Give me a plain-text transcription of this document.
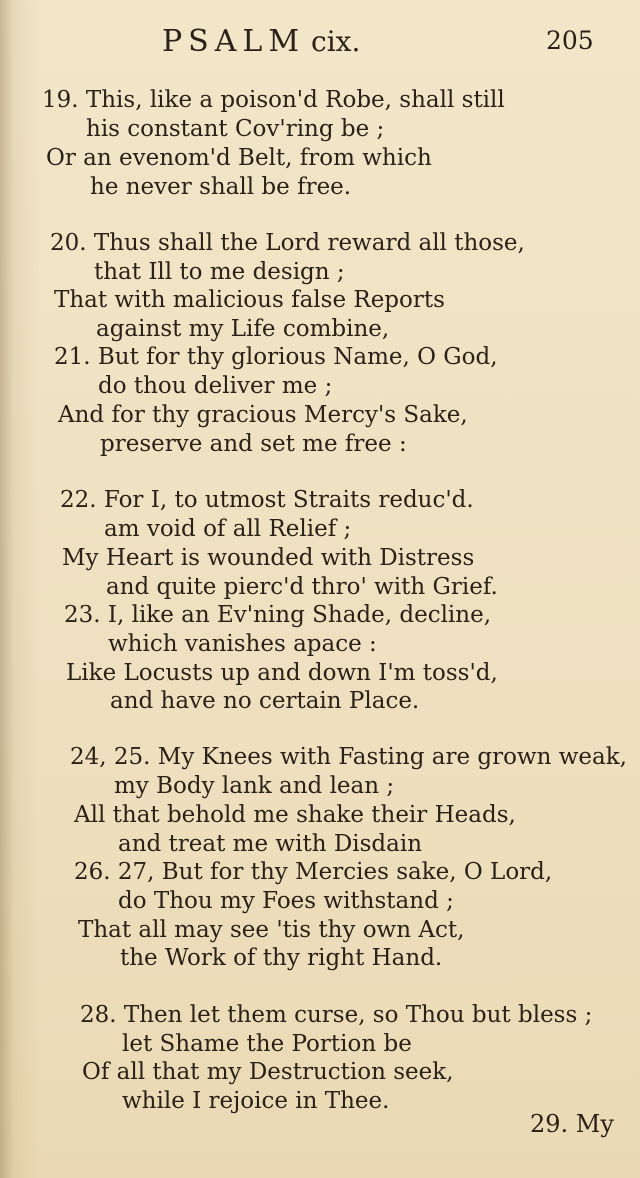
PSALM cix.	205
19. This, like a poison'd Robe, shall still
his constant Cov'ring be ;
Or an evenom'd Belt, from which
he never shall be free.
20. Thus shall the Lord reward all those,
that Ill to me design ;
That with malicious false Reports
against my Life combine,
21. But for thy glorious Name, O God,
do thou deliver me ;
And for thy gracious Mercy's Sake,
preserve and set me free :
22. For I, to utmost Straits reduc'd.
am void of all Relief ;
My Heart is wounded with Distress
and quite pierc'd thro' with Grief.
23. I, like an Ev'ning Shade, decline,
which vanishes apace :
Like Locusts up and down I'm toss'd,
and have no certain Place.
24, 25. My Knees with Fasting are grown weak,
my Body lank and lean ;
All that behold me shake their Heads,
and treat me with Disdain
26. 27, But for thy Mercies sake, O Lord,
do Thou my Foes withstand ;
That all may see 'tis thy own Act,
the Work of thy right Hand.
28. Then let them curse, so Thou but bless ;
let Shame the Portion be
Of all that my Destruction seek,
while I rejoice in Thee.
29. My
